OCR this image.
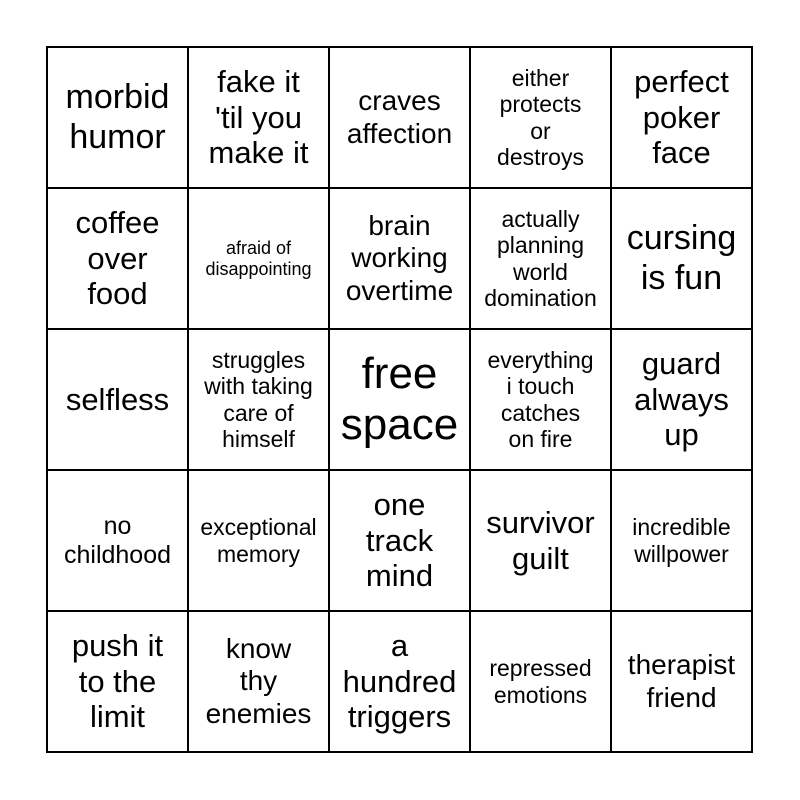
morbid
humor
fake it
'til you
make it
craves
affection
either
protects
or
destroys
perfect
poker
face
coffee
over
food
afraid of
disappointing
brain
working
overtime
actually
planning
world
domination
cursing
is fun
selfless
struggles
with taking
care of
himself
free
space
everything
i touch
catches
on fire
guard
always
up
no
childhood
exceptional
memory
one
track
mind
survivor
guilt
incredible
willpower
push it
to the
limit
know
thy
enemies
a
hundred
triggers
repressed
emotions
therapist
friend
